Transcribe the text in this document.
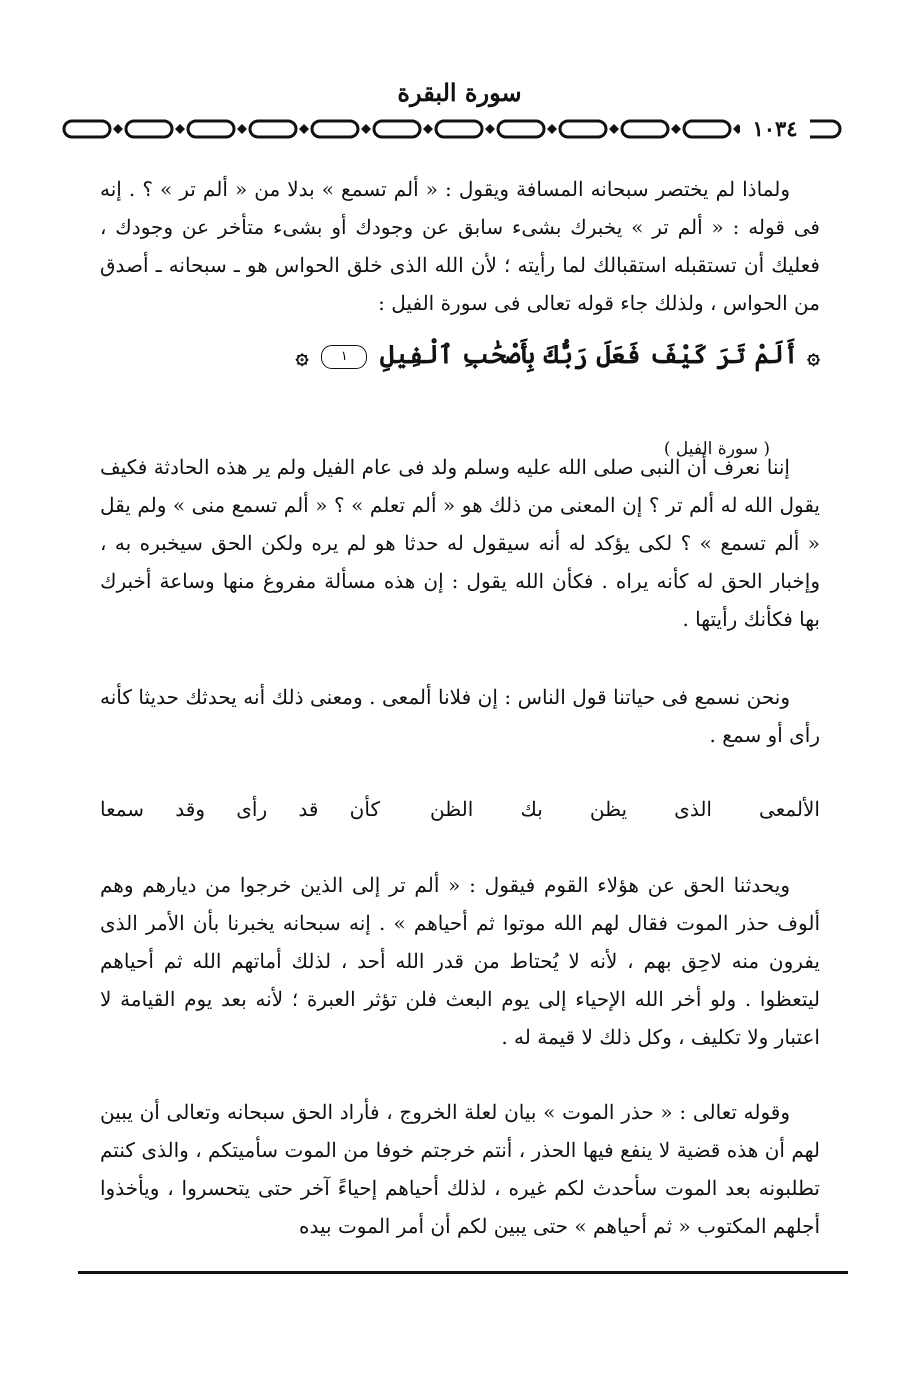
سورة البقرة
١٠٣٤
ولماذا لم يختصر سبحانه المسافة ويقول : « ألم تسمع » بدلا من « ألم تر » ؟ . إنه فى قوله : « ألم تر » يخبرك بشىء سابق عن وجودك أو بشىء متأخر عن وجودك ، فعليك أن تستقبله استقبالك لما رأيته ؛ لأن الله الذى خلق الحواس هو ـ سبحانه ـ أصدق من الحواس ، ولذلك جاء قوله تعالى فى سورة الفيل :
۞ أَلَمْ تَرَ كَيْفَ فَعَلَ رَبُّكَ بِأَصْحَٰبِ ٱلْفِيلِ ١ ۞
( سورة الفيل )
إننا نعرف أن النبى صلى الله عليه وسلم ولد فى عام الفيل ولم ير هذه الحادثة فكيف يقول الله له ألم تر ؟ إن المعنى من ذلك هو « ألم تعلم » ؟ « ألم تسمع منى » ولم يقل « ألم تسمع » ؟ لكى يؤكد له أنه سيقول له حدثا هو لم يره ولكن الحق سيخبره به ، وإخبار الحق له كأنه يراه . فكأن الله يقول : إن هذه مسألة مفروغ منها وساعة أخبرك بها فكأنك رأيتها .
ونحن نسمع فى حياتنا قول الناس : إن فلانا ألمعى . ومعنى ذلك أنه يحدثك حديثا كأنه رأى أو سمع .
الألمعى الذى يظن بك الظن
كأن قد رأى وقد سمعا
ويحدثنا الحق عن هؤلاء القوم فيقول : « ألم تر إلى الذين خرجوا من ديارهم وهم ألوف حذر الموت فقال لهم الله موتوا ثم أحياهم » . إنه سبحانه يخبرنا بأن الأمر الذى يفرون منه لاحِق بهم ، لأنه لا يُحتاط من قدر الله أحد ، لذلك أماتهم الله ثم أحياهم ليتعظوا . ولو أخر الله الإحياء إلى يوم البعث فلن تؤثر العبرة ؛ لأنه بعد يوم القيامة لا اعتبار ولا تكليف ، وكل ذلك لا قيمة له .
وقوله تعالى : « حذر الموت » بيان لعلة الخروج ، فأراد الحق سبحانه وتعالى أن يبين لهم أن هذه قضية لا ينفع فيها الحذر ، أنتم خرجتم خوفا من الموت سأميتكم ، والذى كنتم تطلبونه بعد الموت سأحدث لكم غيره ، لذلك أحياهم إحياءً آخر حتى يتحسروا ، ويأخذوا أجلهم المكتوب « ثم أحياهم » حتى يبين لكم أن أمر الموت بيده
